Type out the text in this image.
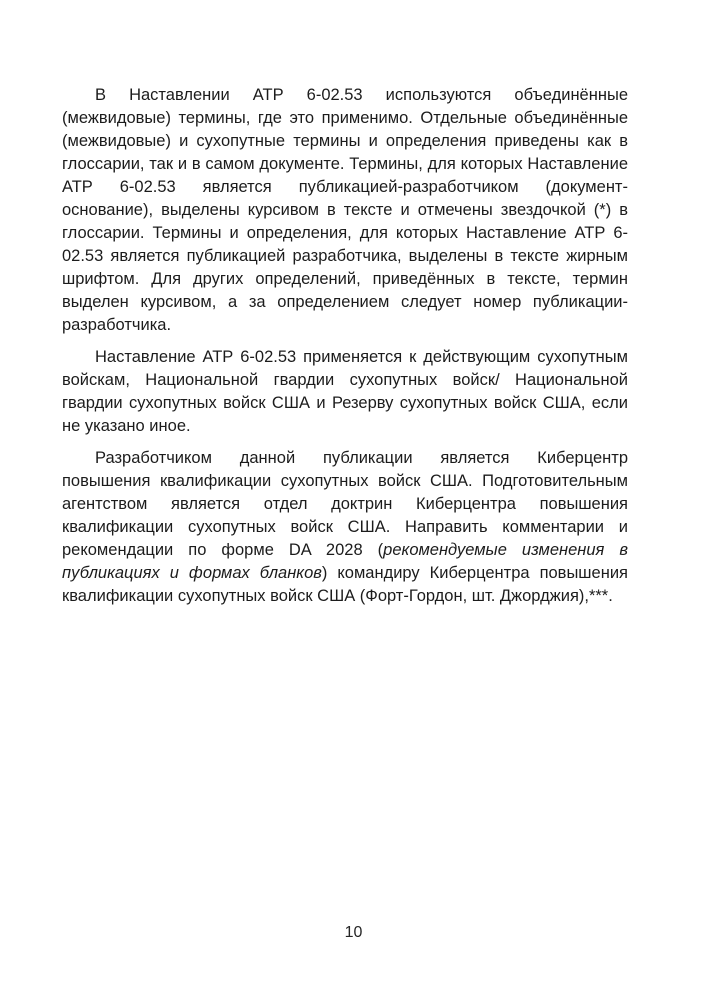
В Наставлении АТР 6-02.53 используются объединённые (межвидовые) термины, где это применимо. Отдельные объединённые (межвидовые) и сухопутные термины и определения приведены как в глоссарии, так и в самом документе. Термины, для которых Наставление АТР 6-02.53 является публикацией-разработчиком (документ- основание), выделены курсивом в тексте и отмечены звездочкой (*) в глоссарии. Термины и определения, для которых Наставление АТР 6-02.53 является публикацией разработчика, выделены в тексте жирным шрифтом. Для других определений, приведённых в тексте, термин выделен курсивом, а за определением следует номер публикации-разработчика.

Наставление АТР 6-02.53 применяется к действующим сухопутным войскам, Национальной гвардии сухопутных войск/ Национальной гвардии сухопутных войск США и Резерву сухопутных войск США, если не указано иное.

Разработчиком данной публикации является Киберцентр повышения квалификации сухопутных войск США. Подготовительным агентством является отдел доктрин Киберцентра повышения квалификации сухопутных войск США. Направить комментарии и рекомендации по форме DA 2028 (рекомендуемые изменения в публикациях и формах бланков) командиру Киберцентра повышения квалификации сухопутных войск США (Форт-Гордон, шт. Джорджия),***.

10
